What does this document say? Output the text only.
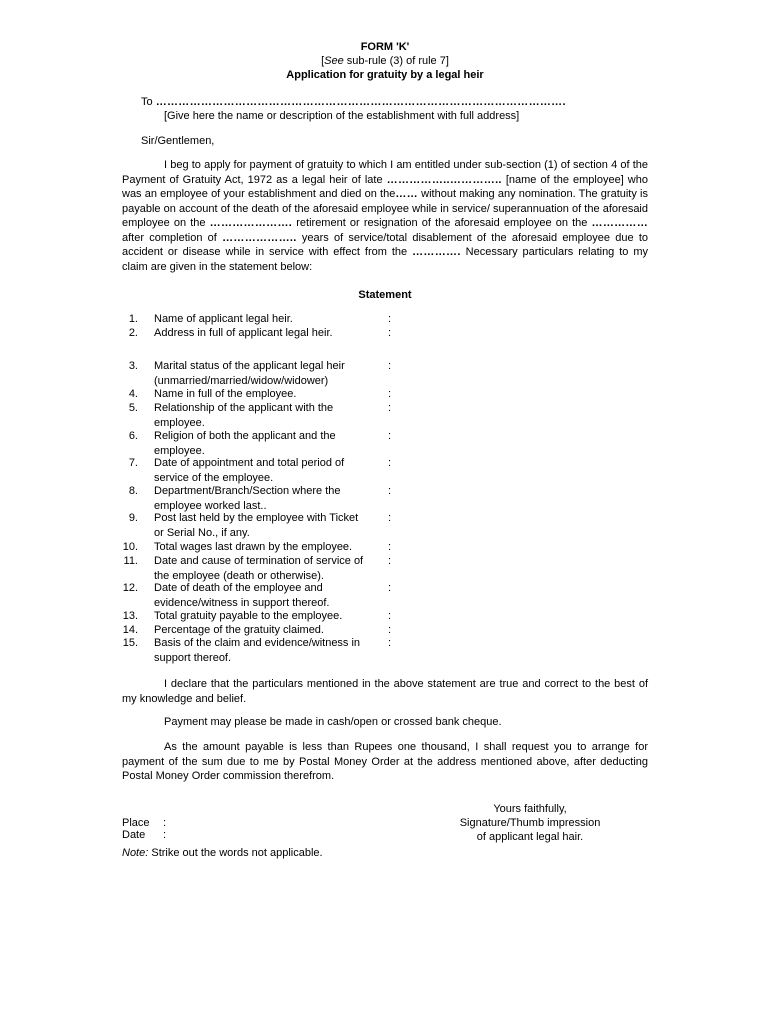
FORM 'K'
[See sub-rule (3) of rule 7]
Application for gratuity by a legal heir
To ……………………………………………………………………………………………….
[Give here the name or description of the establishment with full address]
Sir/Gentlemen,
I beg to apply for payment of gratuity to which I am entitled under sub-section (1) of section 4 of the Payment of Gratuity Act, 1972 as a legal heir of late ……………..………….. [name of the employee] who was an employee of your establishment and died on the…… without making any nomination. The gratuity is payable on account of the death of the aforesaid employee while in service/ superannuation of the aforesaid employee on the …………………. retirement or resignation of the aforesaid employee on the …………… after completion of ……………….. years of service/total disablement of the aforesaid employee due to accident or disease while in service with effect from the …………. Necessary particulars relating to my claim are given in the statement below:
Statement
1. Name of applicant legal heir.	:
2. Address in full of applicant legal heir.	:
3. Marital status of the applicant legal heir
(unmarried/married/widow/widower)
:
4. Name in full of the employee.	:
5. Relationship of the applicant with the
employee.
:
6. Religion of both the applicant and the
employee.
:
7. Date of appointment and total period of
service of the employee.
:
8. Department/Branch/Section where the
employee worked last..
:
9. Post last held by the employee with Ticket
or Serial No., if any.
:
10. Total wages last drawn by the employee.	:
11. Date and cause of termination of service of
the employee (death or otherwise).
:
12. Date of death of the employee and
evidence/witness in support thereof.
:
13. Total gratuity payable to the employee.	:
14. Percentage of the gratuity claimed.	:
15. Basis of the claim and evidence/witness in
support thereof.
:
I declare that the particulars mentioned in the above statement are true and correct to the best of my knowledge and belief.
Payment may please be made in cash/open or crossed bank cheque.
As the amount payable is less than Rupees one thousand, I shall request you to arrange for payment of the sum due to me by Postal Money Order at the address mentioned above, after deducting Postal Money Order commission therefrom.
Yours faithfully,
Signature/Thumb impression
of applicant legal hair.
Place :
Date :
Note: Strike out the words not applicable.
